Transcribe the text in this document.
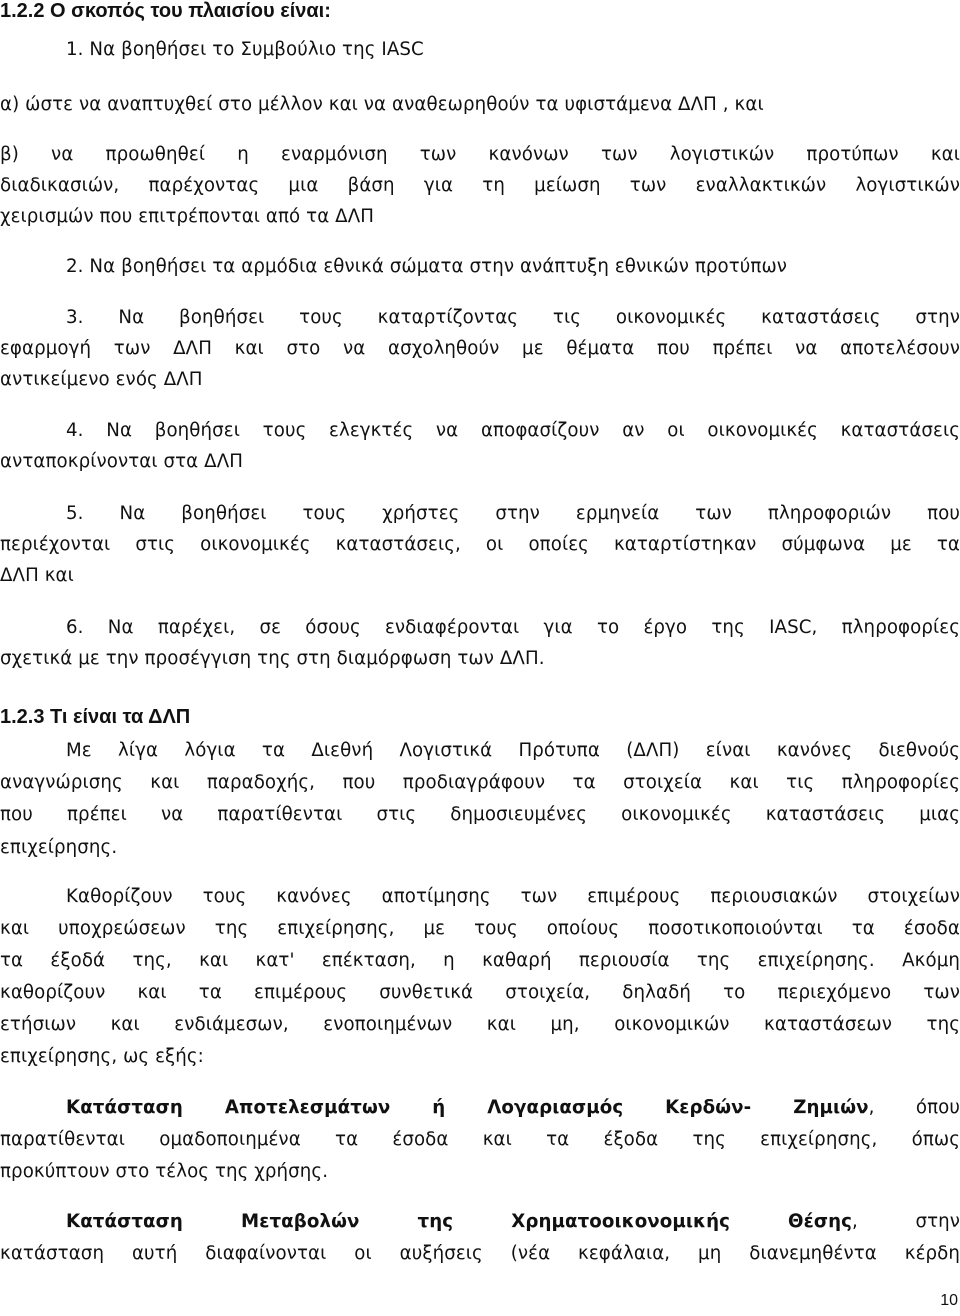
1.2.2 Ο σκοπός του πλαισίου είναι:
1. Να βοηθήσει το Συμβούλιο της IASC
α) ώστε να αναπτυχθεί στο μέλλον και να αναθεωρηθούν τα υφιστάμενα ΔΛΠ , και
β) να προωθηθεί η εναρμόνιση των κανόνων των λογιστικών προτύπων και
διαδικασιών, παρέχοντας μια βάση για τη μείωση των εναλλακτικών λογιστικών
χειρισμών που επιτρέπονται από τα ΔΛΠ
2. Να βοηθήσει τα αρμόδια εθνικά σώματα στην ανάπτυξη εθνικών προτύπων
3. Να βοηθήσει τους καταρτίζοντας τις οικονομικές καταστάσεις στην
εφαρμογή των ΔΛΠ και στο να ασχοληθούν με θέματα που πρέπει να αποτελέσουν
αντικείμενο ενός ΔΛΠ
4. Να βοηθήσει τους ελεγκτές να αποφασίζουν αν οι οικονομικές καταστάσεις
ανταποκρίνονται στα ΔΛΠ
5. Να βοηθήσει τους χρήστες στην ερμηνεία των πληροφοριών που
περιέχονται στις οικονομικές καταστάσεις, οι οποίες καταρτίστηκαν σύμφωνα με τα
ΔΛΠ και
6. Να παρέχει, σε όσους ενδιαφέρονται για το έργο της IASC, πληροφορίες
σχετικά με την προσέγγιση της στη διαμόρφωση των ΔΛΠ.
1.2.3 Τι είναι τα ΔΛΠ
Με λίγα λόγια τα Διεθνή Λογιστικά Πρότυπα (ΔΛΠ) είναι κανόνες διεθνούς
αναγνώρισης και παραδοχής, που προδιαγράφουν τα στοιχεία και τις πληροφορίες
που πρέπει να παρατίθενται στις δημοσιευμένες οικονομικές καταστάσεις μιας
επιχείρησης.
Καθορίζουν τους κανόνες αποτίμησης των επιμέρους περιουσιακών στοιχείων
και υποχρεώσεων της επιχείρησης, με τους οποίους ποσοτικοποιούνται τα έσοδα
τα έξοδά της, και κατ' επέκταση, η καθαρή περιουσία της επιχείρησης. Ακόμη
καθορίζουν και τα επιμέρους συνθετικά στοιχεία, δηλαδή το περιεχόμενο των
ετήσιων και ενδιάμεσων, ενοποιημένων και μη, οικονομικών καταστάσεων της
επιχείρησης, ως εξής:
Κατάσταση Αποτελεσμάτων ή Λογαριασμός Κερδών- Ζημιών, όπου
παρατίθενται ομαδοποιημένα τα έσοδα και τα έξοδα της επιχείρησης, όπως
προκύπτουν στο τέλος της χρήσης.
Κατάσταση Μεταβολών της Χρηματοοικονομικής Θέσης, στην
κατάσταση αυτή διαφαίνονται οι αυξήσεις (νέα κεφάλαια, μη διανεμηθέντα κέρδη
10
